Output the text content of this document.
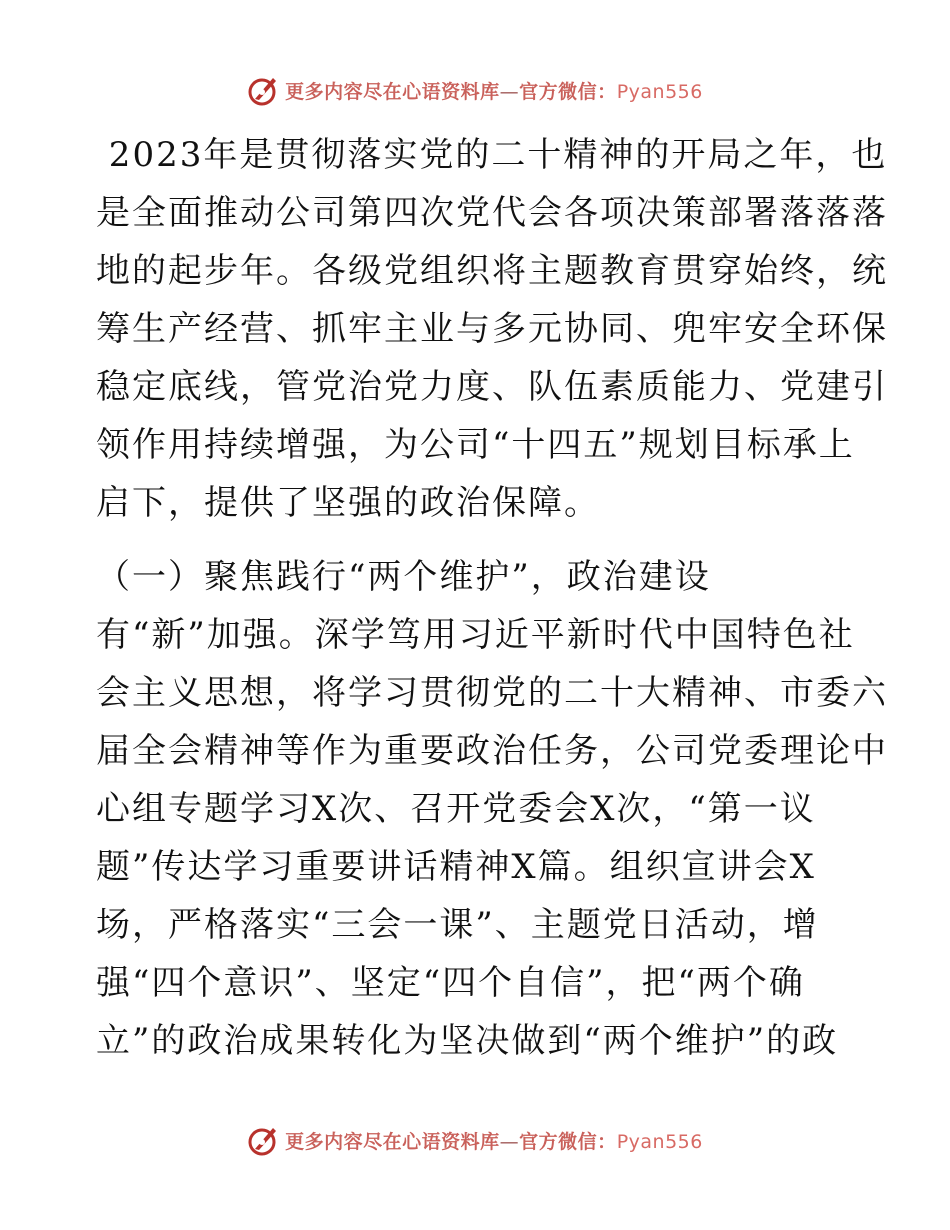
更多内容尽在心语资料库—官方微信：Pyan556
2023年是贯彻落实党的二十精神的开局之年，也
是全面推动公司第四次党代会各项决策部署落落落
地的起步年。各级党组织将主题教育贯穿始终，统
筹生产经营、抓牢主业与多元协同、兜牢安全环保
稳定底线，管党治党力度、队伍素质能力、党建引
领作用持续增强，为公司“十四五”规划目标承上
启下，提供了坚强的政治保障。
（一）聚焦践行“两个维护”，政治建设
有“新”加强。深学笃用习近平新时代中国特色社
会主义思想，将学习贯彻党的二十大精神、市委六
届全会精神等作为重要政治任务，公司党委理论中
心组专题学习X次、召开党委会X次，“第一议
题”传达学习重要讲话精神X篇。组织宣讲会X
场，严格落实“三会一课”、主题党日活动，增
强“四个意识”、坚定“四个自信”，把“两个确
立”的政治成果转化为坚决做到“两个维护”的政
更多内容尽在心语资料库—官方微信：Pyan556
